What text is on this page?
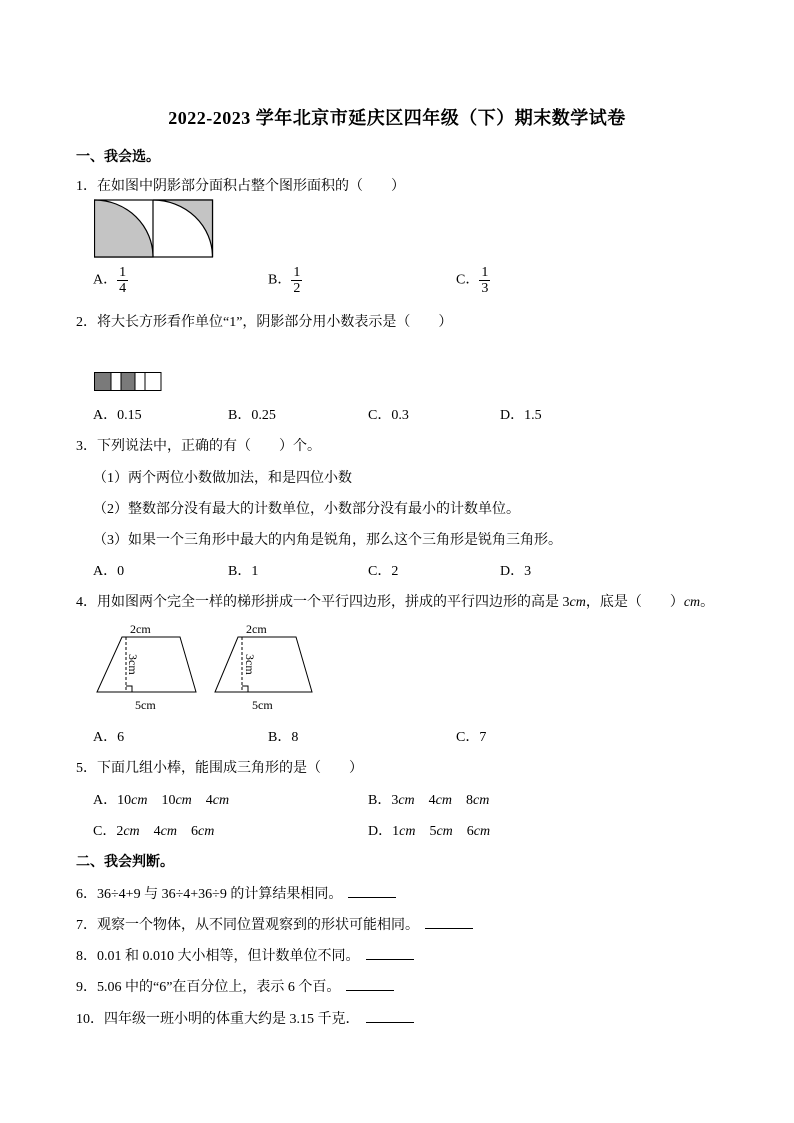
2022-2023 学年北京市延庆区四年级（下）期末数学试卷
一、我会选。
1．在如图中阴影部分面积占整个图形面积的（　　）
A． $\frac{1}{4}$	B． $\frac{1}{2}$	C． $\frac{1}{3}$
2．将大长方形看作单位“1”，阴影部分用小数表示是（　　）
A．0.15	B．0.25	C．0.3	D．1.5
3．下列说法中，正确的有（　　）个。
（1）两个两位小数做加法，和是四位小数
（2）整数部分没有最大的计数单位，小数部分没有最小的计数单位。
（3）如果一个三角形中最大的内角是锐角，那么这个三角形是锐角三角形。
A．0	B．1	C．2	D．3
4．用如图两个完全一样的梯形拼成一个平行四边形，拼成的平行四边形的高是 3cm，底是（　　）cm。
2cm
3cm
5cm
2cm
3cm
5cm
A．6	B．8	C．7
5．下面几组小棒，能围成三角形的是（　　）
A．10cm  10cm  4cm	B．3cm  4cm  8cm
C．2cm  4cm  6cm	D．1cm  5cm  6cm
二、我会判断。
6．36÷4+9 与 36÷4+36÷9 的计算结果相同。
7．观察一个物体，从不同位置观察到的形状可能相同。
8．0.01 和 0.010 大小相等，但计数单位不同。
9．5.06 中的“6”在百分位上，表示 6 个百。
10．四年级一班小明的体重大约是 3.15 千克．
